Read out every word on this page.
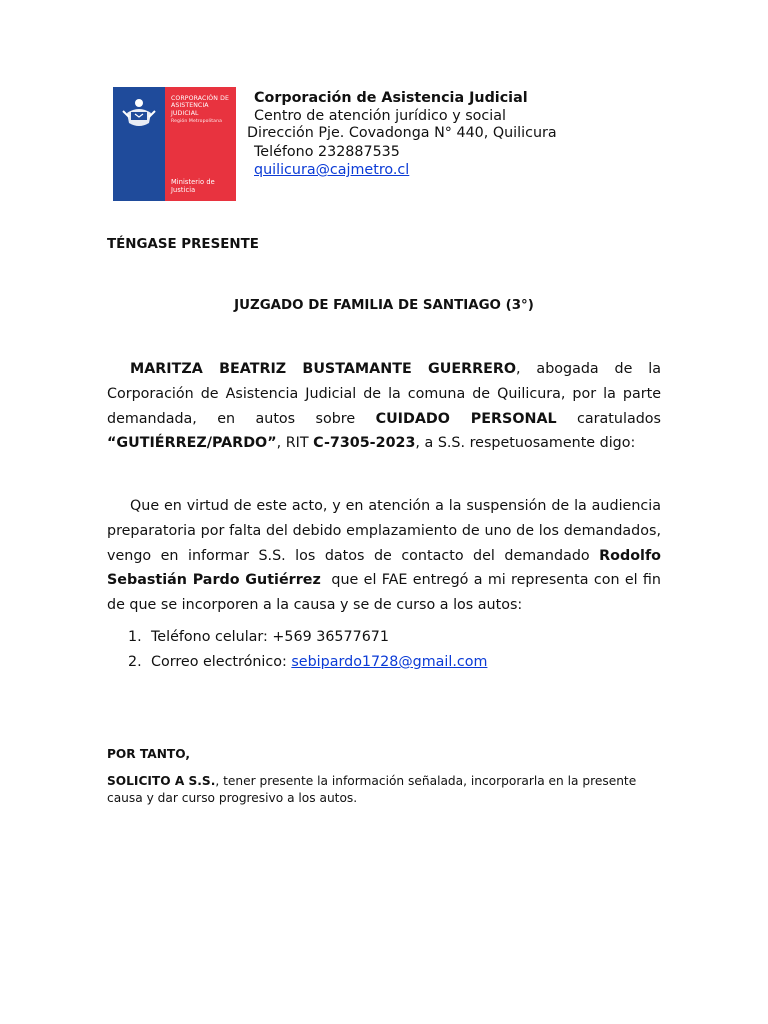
CORPORACIÓN DE
ASISTENCIA
JUDICIAL
Región Metropolitana
Ministerio de
Justicia
Corporación de Asistencia Judicial
Centro de atención jurídico y social
Dirección Pje. Covadonga N° 440, Quilicura
Teléfono 232887535
quilicura@cajmetro.cl
TÉNGASE PRESENTE
JUZGADO DE FAMILIA DE SANTIAGO (3°)

MARITZA BEATRIZ BUSTAMANTE GUERRERO, abogada de la Corporación de Asistencia Judicial de la comuna de Quilicura, por la parte demandada, en autos sobre CUIDADO PERSONAL caratulados “GUTIÉRREZ/PARDO”, RIT C-7305-2023, a S.S. respetuosamente digo:

Que en virtud de este acto, y en atención a la suspensión de la audiencia preparatoria por falta del debido emplazamiento de uno de los demandados, vengo en informar S.S. los datos de contacto del demandado Rodolfo Sebastián Pardo Gutiérrez  que el FAE entregó a mi representa con el fin de que se incorporen a la causa y se de curso a los autos:

1. Teléfono celular: +569 36577671
2. Correo electrónico: sebipardo1728@gmail.com
POR TANTO,

SOLICITO A S.S., tener presente la información señalada, incorporarla en la presente causa y dar curso progresivo a los autos.
